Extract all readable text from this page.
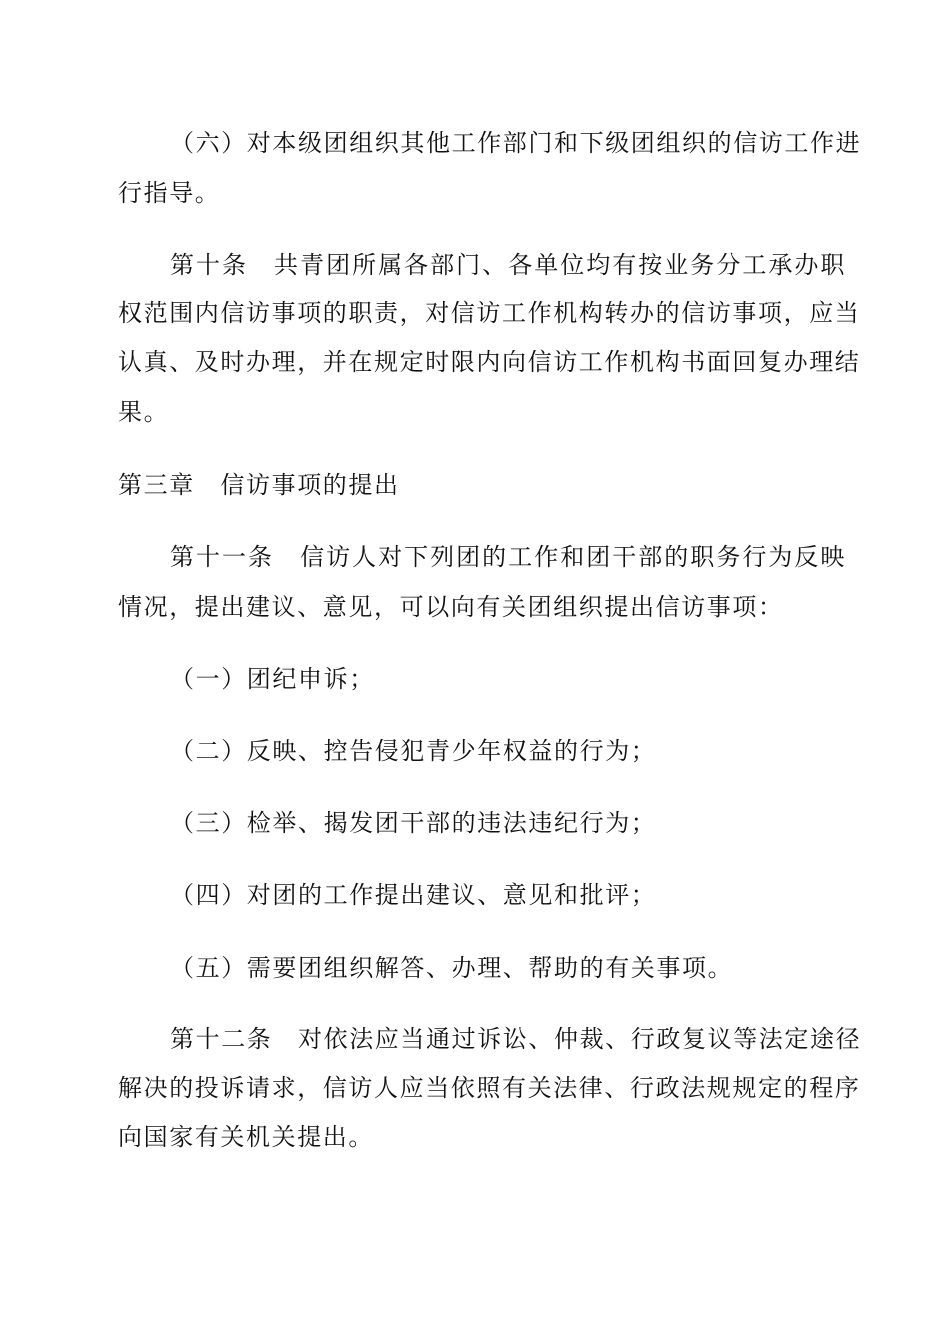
（六）对本级团组织其他工作部门和下级团组织的信访工作进
行指导。
第十条　共青团所属各部门、各单位均有按业务分工承办职
权范围内信访事项的职责，对信访工作机构转办的信访事项，应当
认真、及时办理，并在规定时限内向信访工作机构书面回复办理结
果。
第三章　信访事项的提出
第十一条　信访人对下列团的工作和团干部的职务行为反映
情况，提出建议、意见，可以向有关团组织提出信访事项：
（一）团纪申诉；
（二）反映、控告侵犯青少年权益的行为；
（三）检举、揭发团干部的违法违纪行为；
（四）对团的工作提出建议、意见和批评；
（五）需要团组织解答、办理、帮助的有关事项。
第十二条　对依法应当通过诉讼、仲裁、行政复议等法定途径
解决的投诉请求，信访人应当依照有关法律、行政法规规定的程序
向国家有关机关提出。
